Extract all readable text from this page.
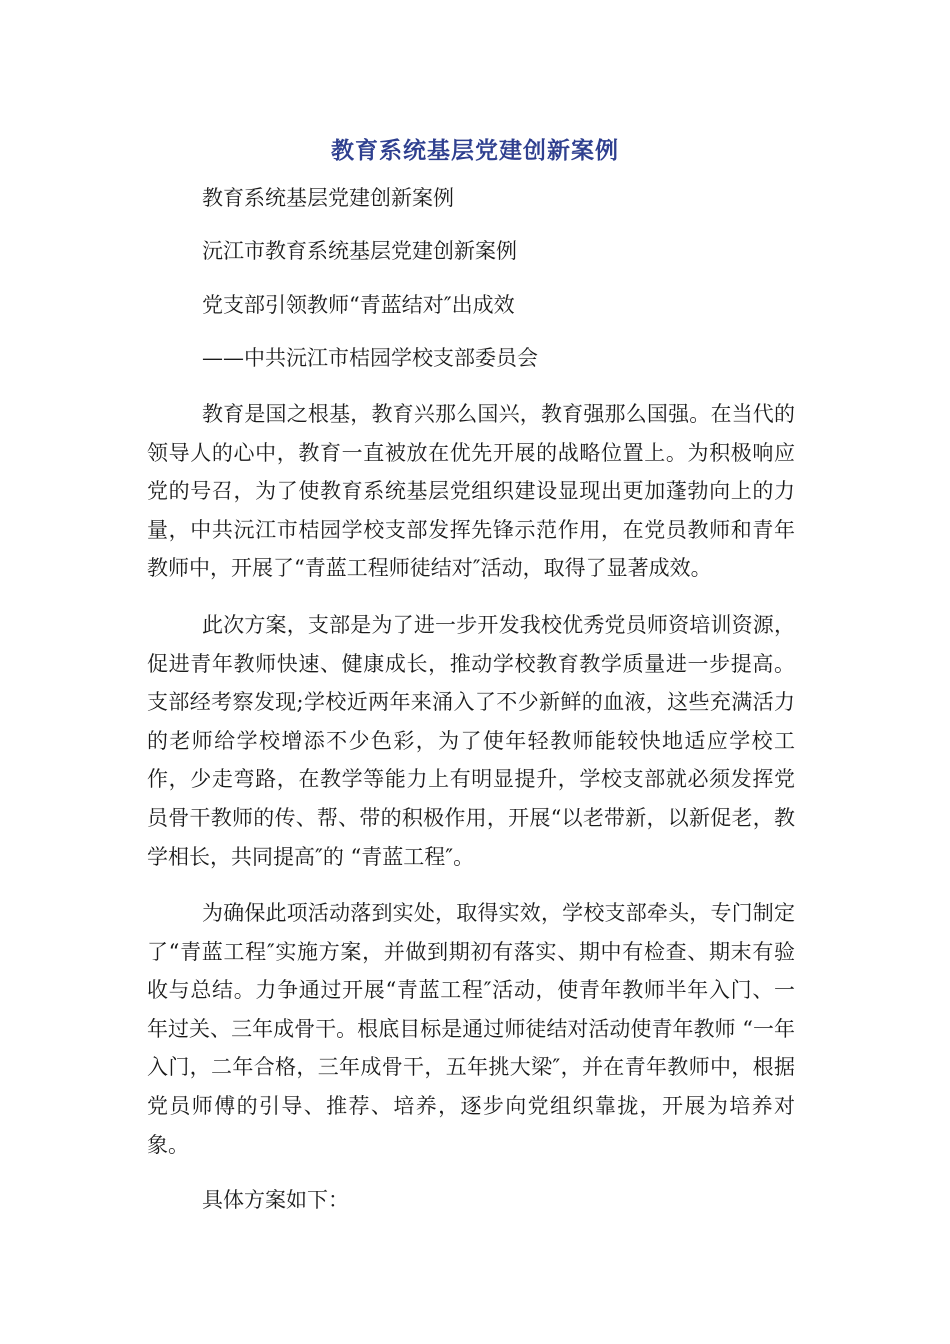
教育系统基层党建创新案例

教育系统基层党建创新案例

沅江市教育系统基层党建创新案例

党支部引领教师“青蓝结对″出成效

——中共沅江市桔园学校支部委员会

教育是国之根基，教育兴那么国兴，教育强那么国强。在当代的领导人的心中，教育一直被放在优先开展的战略位置上。为积极响应党的号召，为了使教育系统基层党组织建设显现出更加蓬勃向上的力量，中共沅江市桔园学校支部发挥先锋示范作用，在党员教师和青年教师中，开展了“青蓝工程师徒结对″活动，取得了显著成效。

此次方案，支部是为了进一步开发我校优秀党员师资培训资源，促进青年教师快速、健康成长，推动学校教育教学质量进一步提高。支部经考察发现;学校近两年来涌入了不少新鲜的血液，这些充满活力的老师给学校增添不少色彩，为了使年轻教师能较快地适应学校工作，少走弯路，在教学等能力上有明显提升，学校支部就必须发挥党员骨干教师的传、帮、带的积极作用，开展“以老带新，以新促老，教学相长，共同提高″的 “青蓝工程″。

为确保此项活动落到实处，取得实效，学校支部牵头，专门制定了“青蓝工程″实施方案，并做到期初有落实、期中有检查、期末有验收与总结。力争通过开展“青蓝工程″活动，使青年教师半年入门、一年过关、三年成骨干。根底目标是通过师徒结对活动使青年教师 “一年入门，二年合格，三年成骨干，五年挑大梁″，并在青年教师中，根据党员师傅的引导、推荐、培养，逐步向党组织靠拢，开展为培养对象。

具体方案如下：
